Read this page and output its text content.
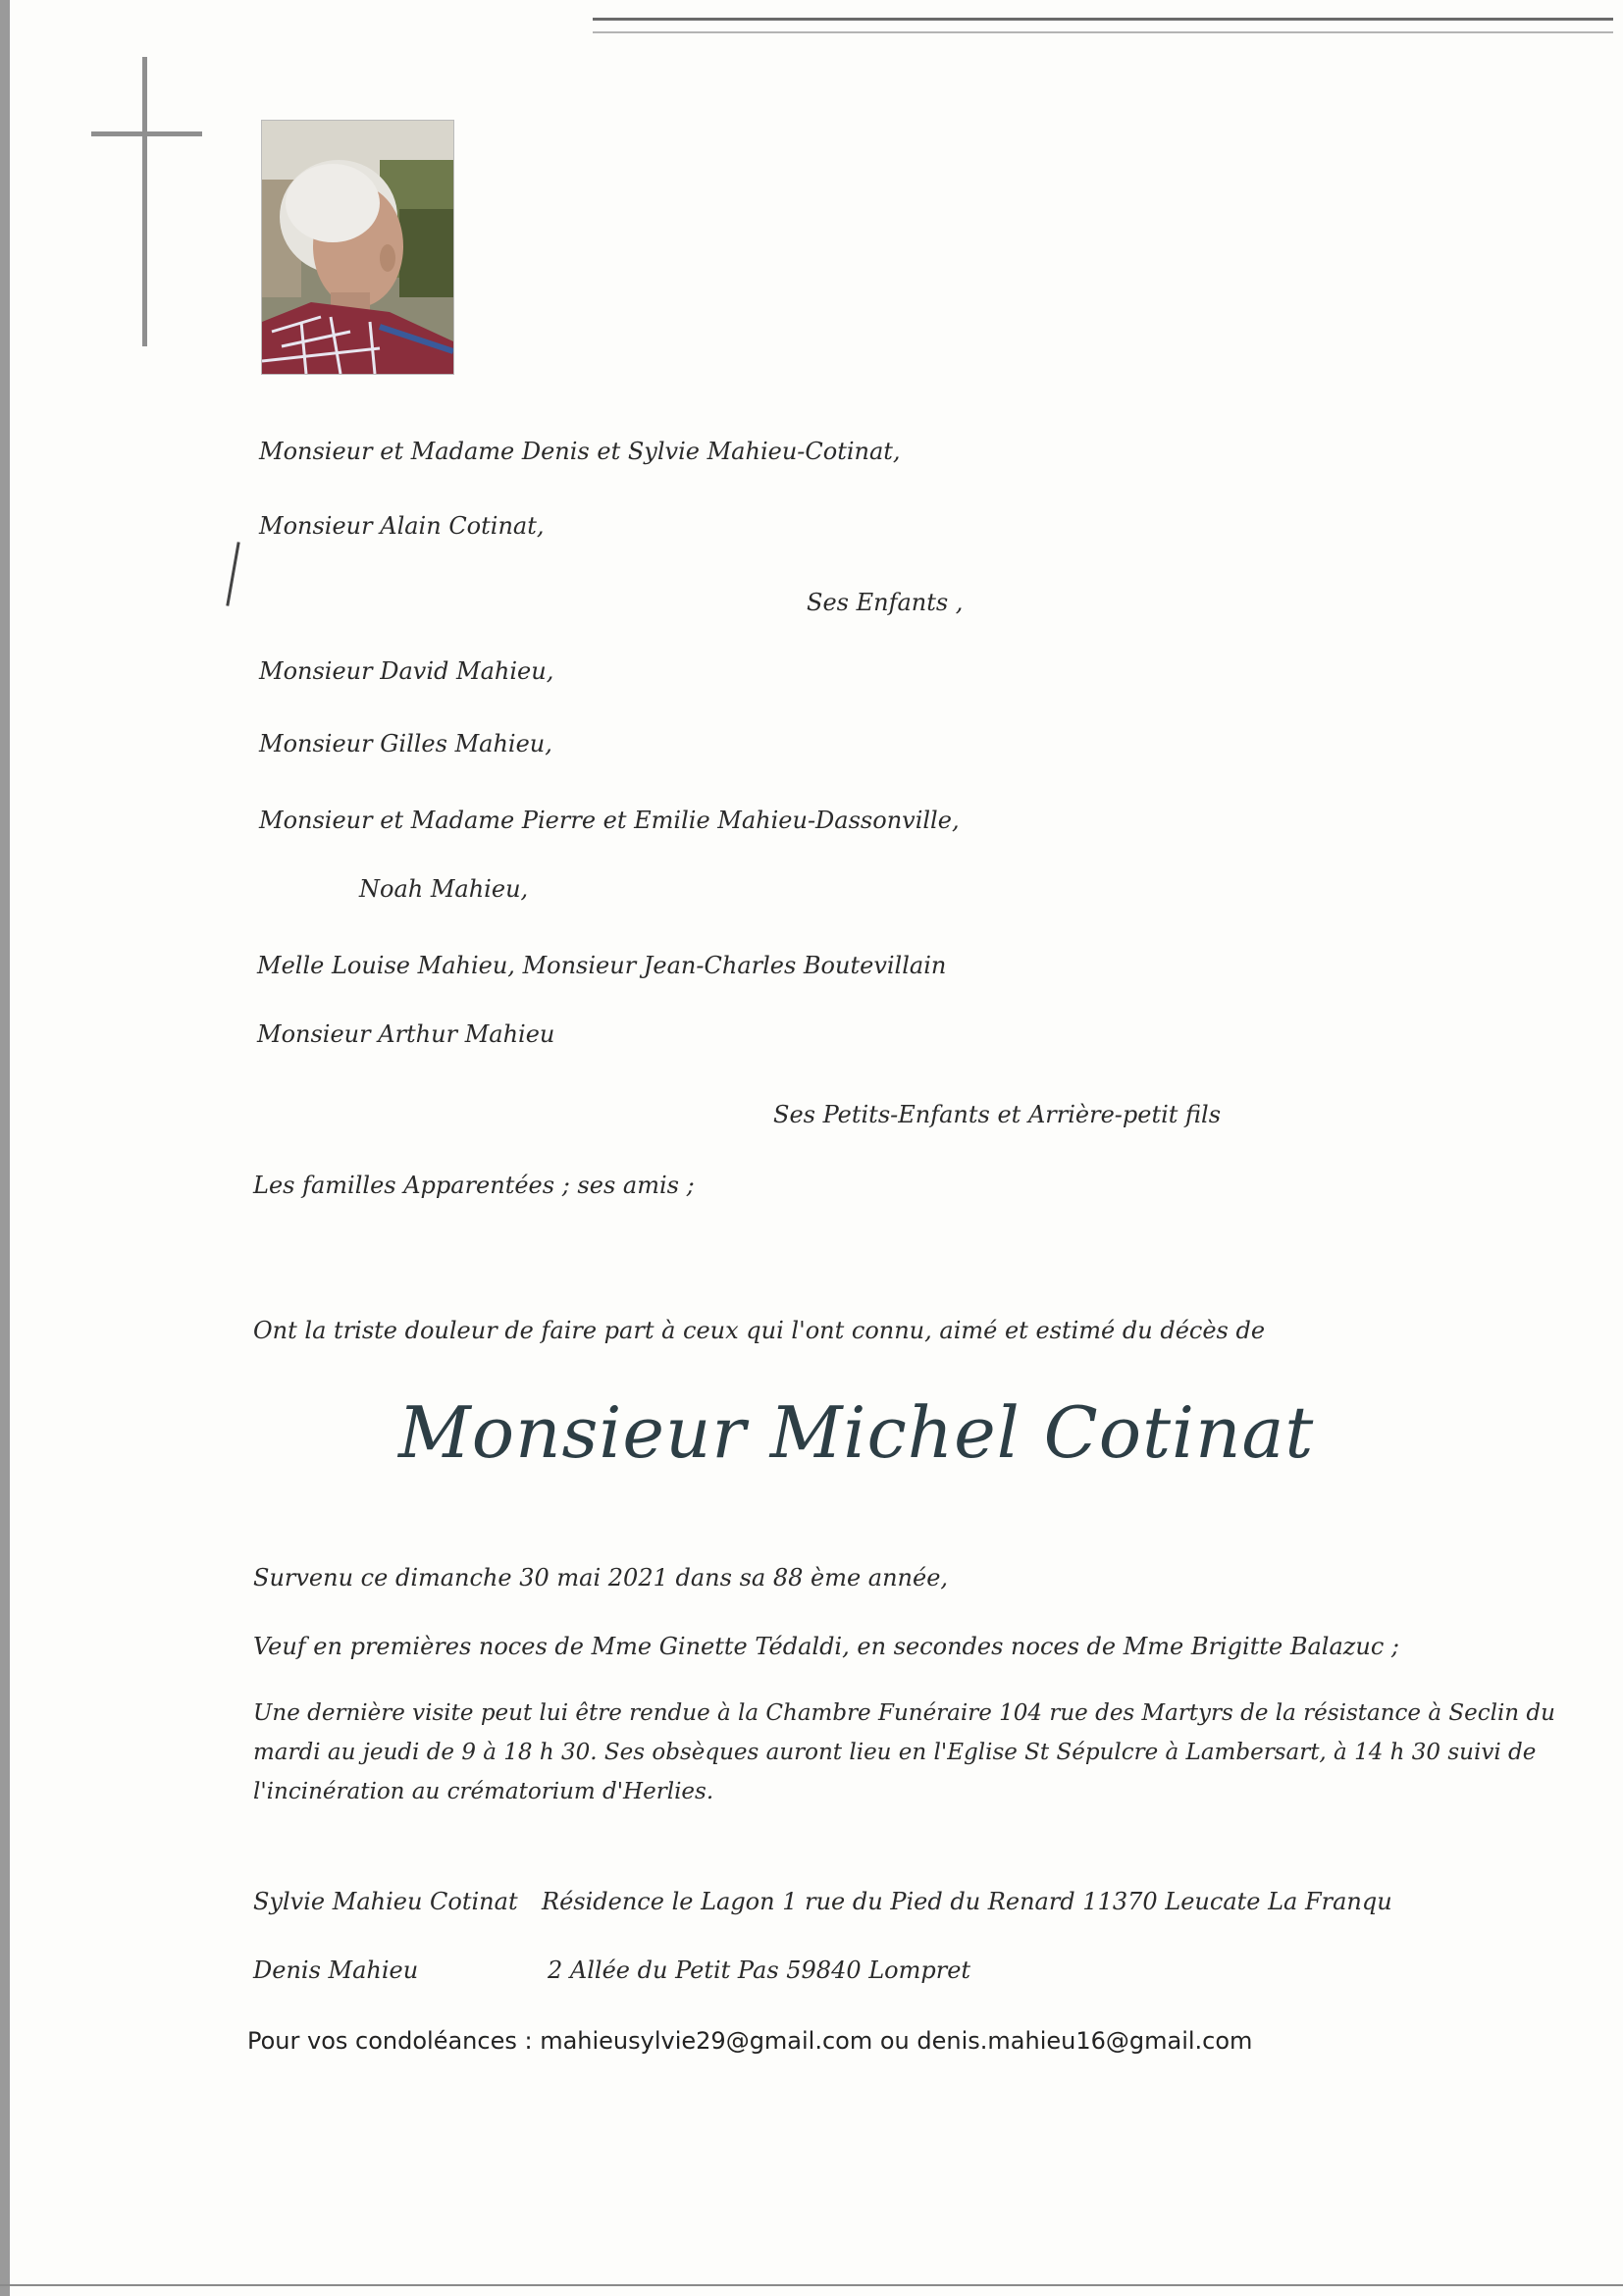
Monsieur et Madame Denis et Sylvie Mahieu-Cotinat,
Monsieur Alain Cotinat,
Ses Enfants ,
Monsieur David Mahieu,
Monsieur Gilles Mahieu,
Monsieur et Madame Pierre et Emilie Mahieu-Dassonville,
Noah Mahieu,
Melle Louise Mahieu, Monsieur Jean-Charles Boutevillain
Monsieur Arthur Mahieu
Ses Petits-Enfants et Arrière-petit fils
Les familles Apparentées ; ses amis ;
Ont la triste douleur de faire part à ceux qui l'ont connu, aimé et estimé du décès de
Monsieur Michel Cotinat
Survenu ce dimanche 30 mai 2021 dans sa 88 ème année,
Veuf en premières noces de Mme Ginette Tédaldi, en secondes noces de Mme Brigitte Balazuc ;
Une dernière visite peut lui être rendue à la Chambre Funéraire 104 rue des Martyrs de la résistance à Seclin du mardi au jeudi de 9 à 18 h 30. Ses obsèques auront lieu en l'Eglise St Sépulcre à Lambersart, à 14 h 30 suivi de l'incinération au crématorium d'Herlies.
Sylvie Mahieu Cotinat Résidence le Lagon 1 rue du Pied du Renard 11370 Leucate La Franqu
Denis Mahieu	2 Allée du Petit Pas 59840 Lompret
Pour vos condoléances : mahieusylvie29@gmail.com ou denis.mahieu16@gmail.com
